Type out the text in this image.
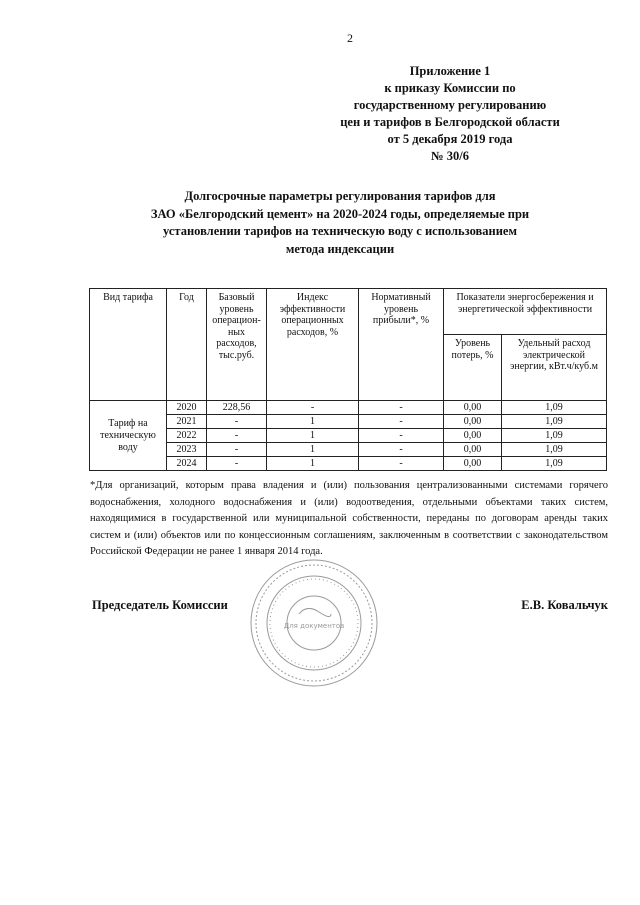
2
Приложение 1
к приказу Комиссии по
государственному регулированию
цен и тарифов в Белгородской области
от 5 декабря 2019 года
№ 30/6
Долгосрочные параметры регулирования тарифов для
ЗАО «Белгородский цемент» на 2020-2024 годы, определяемые при
установлении тарифов на техническую воду с использованием
метода индексации
Вид тарифа	Год	Базовый уровень операцион-ных расходов, тыс.руб.	Индекс эффективности операционных расходов, %	Нормативный уровень прибыли*, %	Показатели энергосбережения и энергетической эффективности	
					Уровень потерь, %	Удельный расход электрической энергии, кВт.ч/куб.м
Тариф на техническую воду	2020	228,56	-	-	0,00	1,09
	2021	-	1	-	0,00	1,09
	2022	-	1	-	0,00	1,09
	2023	-	1	-	0,00	1,09
	2024	-	1	-	0,00	1,09
*Для организаций, которым права владения и (или) пользования централизованными системами горячего водоснабжения, холодного водоснабжения и (или) водоотведения, отдельными объектами таких систем, находящимися в государственной или муниципальной собственности, переданы по договорам аренды таких систем и (или) объектов или по концессионным соглашениям, заключенным в соответствии с законодательством Российской Федерации не ранее 1 января 2014 года.
Для документов
Председатель Комиссии	Е.В. Ковальчук
